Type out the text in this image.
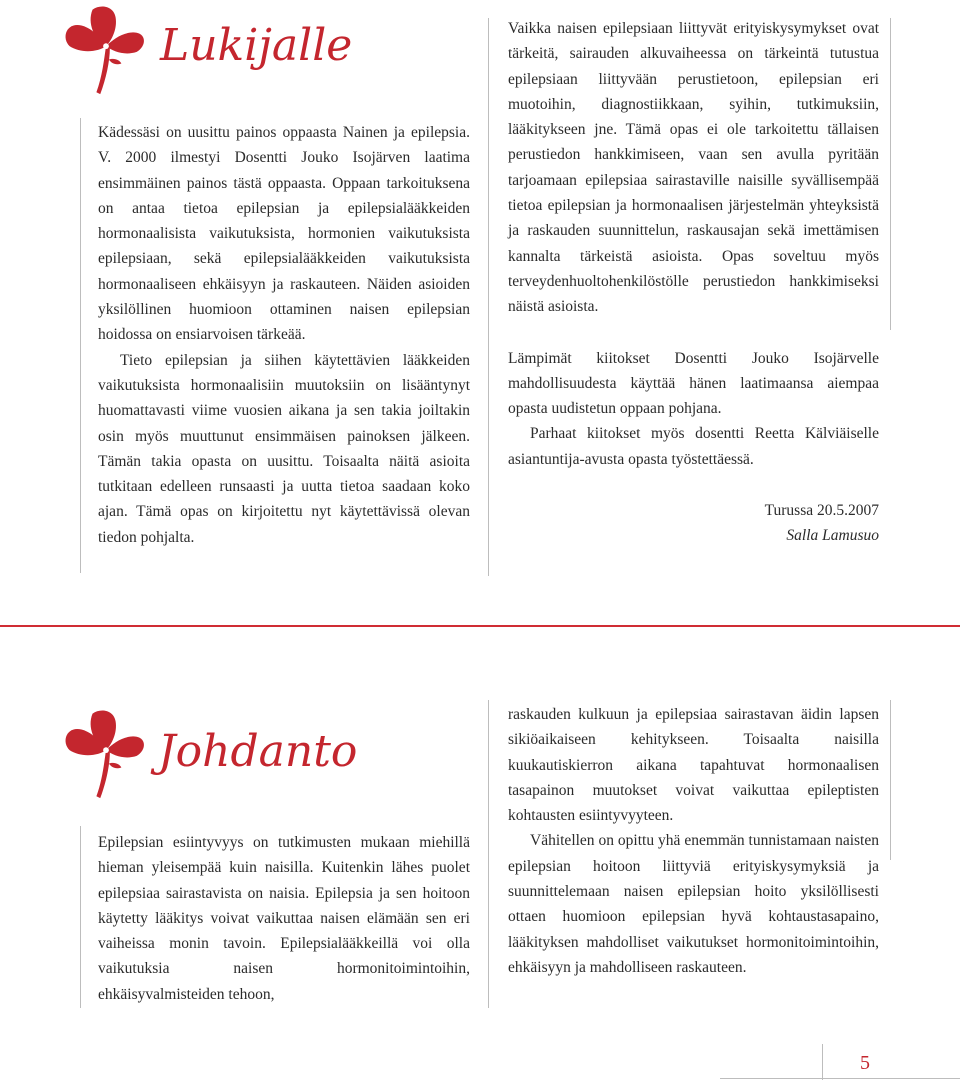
Lukijalle

Kädessäsi on uusittu painos oppaasta Nainen ja epilepsia. V. 2000 ilmestyi Dosentti Jouko Isojärven laatima ensimmäinen painos tästä oppaasta. Oppaan tarkoituksena on antaa tietoa epilepsian ja epilepsialääkkeiden hormonaalisista vaikutuksista, hormonien vaikutuksista epilepsiaan, sekä epilepsialääkkeiden vaikutuksista hormonaaliseen ehkäisyyn ja raskauteen. Näiden asioiden yksilöllinen huomioon ottaminen naisen epilepsian hoidossa on ensiarvoisen tärkeää.

Tieto epilepsian ja siihen käytettävien lääkkeiden vaikutuksista hormonaalisiin muutoksiin on lisääntynyt huomattavasti viime vuosien aikana ja sen takia joiltakin osin myös muuttunut ensimmäisen painoksen jälkeen. Tämän takia opasta on uusittu. Toisaalta näitä asioita tutkitaan edelleen runsaasti ja uutta tietoa saadaan koko ajan. Tämä opas on kirjoitettu nyt käytettävissä olevan tiedon pohjalta.

Vaikka naisen epilepsiaan liittyvät erityiskysymykset ovat tärkeitä, sairauden alkuvaiheessa on tärkeintä tutustua epilepsiaan liittyvään perustietoon, epilepsian eri muotoihin, diagnostiikkaan, syihin, tutkimuksiin, lääkitykseen jne. Tämä opas ei ole tarkoitettu tällaisen perustiedon hankkimiseen, vaan sen avulla pyritään tarjoamaan epilepsiaa sairastaville naisille syvällisempää tietoa epilepsian ja hormonaalisen järjestelmän yhteyksistä ja raskauden suunnittelun, raskausajan sekä imettämisen kannalta tärkeistä asioista. Opas soveltuu myös terveydenhuoltohenkilöstölle perustiedon hankkimiseksi näistä asioista.

Lämpimät kiitokset Dosentti Jouko Isojärvelle mahdollisuudesta käyttää hänen laatimaansa aiempaa opasta uudistetun oppaan pohjana.

Parhaat kiitokset myös dosentti Reetta Kälviäiselle asiantuntija-avusta opasta työstettäessä.

Turussa 20.5.2007

Salla Lamusuo

Johdanto

Epilepsian esiintyvyys on tutkimusten mukaan miehillä hieman yleisempää kuin naisilla. Kuitenkin lähes puolet epilepsiaa sairastavista on naisia. Epilepsia ja sen hoitoon käytetty lääkitys voivat vaikuttaa naisen elämään sen eri vaiheissa monin tavoin. Epilepsialääkkeillä voi olla vaikutuksia naisen hormonitoimintoihin, ehkäisyvalmisteiden tehoon,

raskauden kulkuun ja epilepsiaa sairastavan äidin lapsen sikiöaikaiseen kehitykseen. Toisaalta naisilla kuukautiskierron aikana tapahtuvat hormonaalisen tasapainon muutokset voivat vaikuttaa epileptisten kohtausten esiintyvyyteen.

Vähitellen on opittu yhä enemmän tunnistamaan naisten epilepsian hoitoon liittyviä erityiskysymyksiä ja suunnittelemaan naisen epilepsian hoito yksilöllisesti ottaen huomioon epilepsian hyvä kohtaustasapaino, lääkityksen mahdolliset vaikutukset hormonitoimintoihin, ehkäisyyn ja mahdolliseen raskauteen.

5
